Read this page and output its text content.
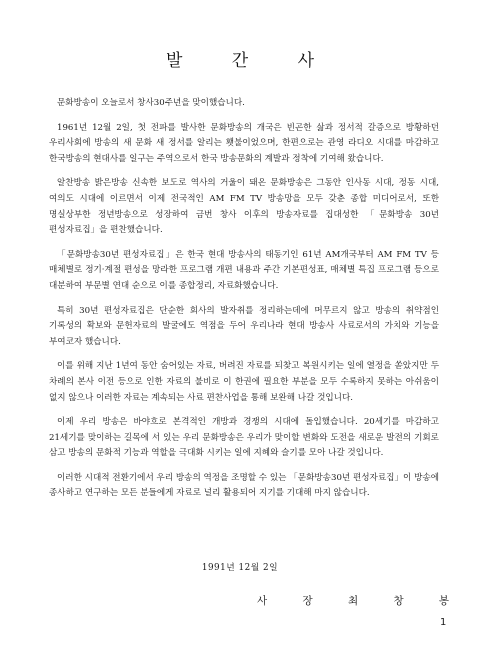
발 간 사

문화방송이 오늘로서 창사30주년을 맞이했습니다.

1961년 12월 2일, 첫 전파를 발사한 문화방송의 개국은 빈곤한 삶과 정서적 갈증으로 방황하던 우리사회에 방송의 새 문화 새 정서를 알리는 횃불이었으며, 한편으로는 관영 라디오 시대를 마감하고 한국방송의 현대사를 일구는 주역으로서 한국 방송문화의 계발과 정착에 기여해 왔습니다.

알찬방송 밝은방송 신속한 보도로 역사의 거울이 돼온 문화방송은 그동안 인사동 시대, 정동 시대, 여의도 시대에 이르면서 이제 전국적인 AM FM TV 방송망을 모두 갖춘 종합 미디어로서, 또한 명실상부한 정년방송으로 성장하여 금번 창사 이후의 방송자료를 집대성한 「문화방송 30년 편성자료집」을 편찬했습니다.

「문화방송30년 편성자료집」은 한국 현대 방송사의 태동기인 61년 AM개국부터 AM FM TV 등 매체별로 정기·계절 편성을 망라한 프로그램 개편 내용과 주간 기본편성표, 매체별 특집 프로그램 등으로 대분하여 부문별 연대 순으로 이를 종합정리, 자료화했습니다.

특히 30년 편성자료집은 단순한 회사의 발자취를 정리하는데에 머무르지 않고 방송의 취약점인 기록성의 확보와 문헌자료의 발굴에도 역점을 두어 우리나라 현대 방송사 사료로서의 가치와 기능을 부여코자 했습니다.

이를 위해 지난 1년여 동안 숨어있는 자료, 버려진 자료를 되찾고 복원시키는 일에 열정을 쏟았지만 두 차례의 본사 이전 등으로 인한 자료의 불비로 이 한권에 필요한 부분을 모두 수록하지 못하는 아쉬움이 없지 않으나 이러한 자료는 계속되는 사료 편찬사업을 통해 보완해 나갈 것입니다.

이제 우리 방송은 바야흐로 본격적인 개방과 경쟁의 시대에 돌입했습니다. 20세기를 마감하고 21세기를 맞이하는 길목에 서 있는 우리 문화방송은 우리가 맞이할 변화와 도전을 새로운 발전의 기회로 삼고 방송의 문화적 기능과 역할을 극대화 시키는 일에 지혜와 슬기를 모아 나갈 것입니다.

이러한 시대적 전환기에서 우리 방송의 역정을 조명할 수 있는 「문화방송30년 편성자료집」이 방송에 종사하고 연구하는 모든 분들에게 자료로 널리 활용되어 지기를 기대해 마지 않습니다.

1991년 12월 2일
사 장 최 창 봉
1
